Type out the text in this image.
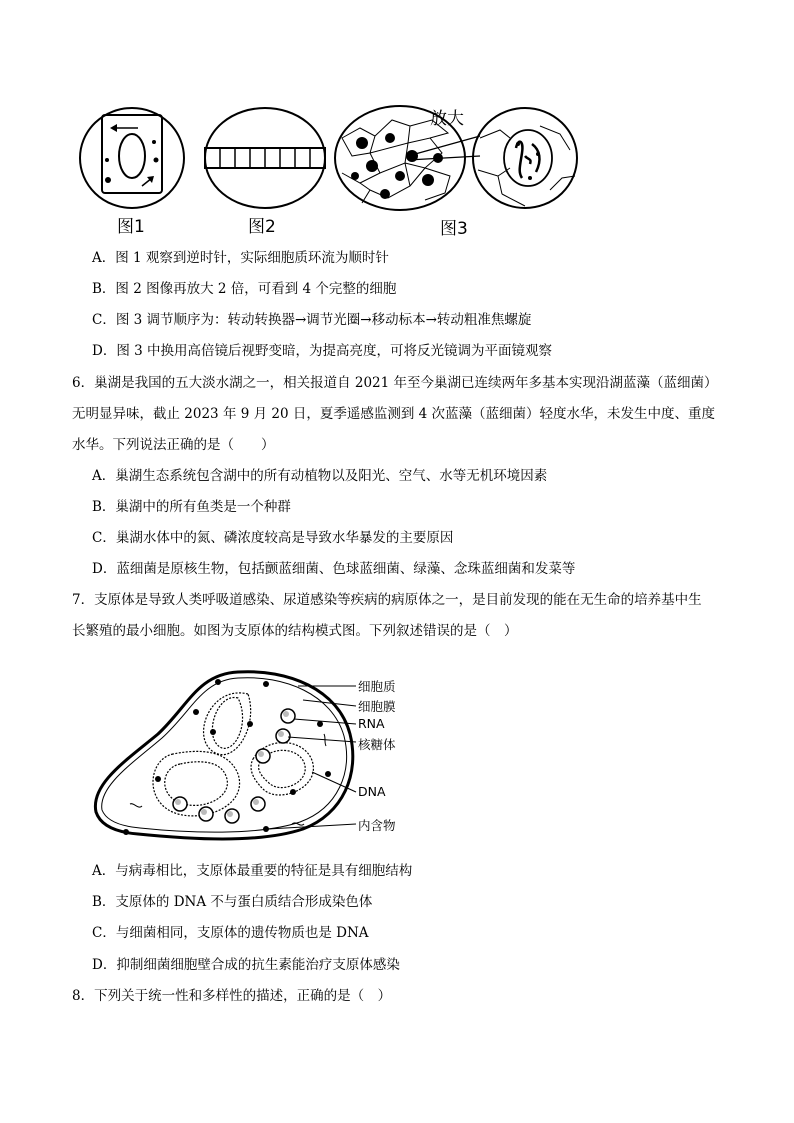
放大
图1	图2	图3
A．图 1 观察到逆时针，实际细胞质环流为顺时针
B．图 2 图像再放大 2 倍，可看到 4 个完整的细胞
C．图 3 调节顺序为：转动转换器→调节光圈→移动标本→转动粗准焦螺旋
D．图 3 中换用高倍镜后视野变暗，为提高亮度，可将反光镜调为平面镜观察
6．巢湖是我国的五大淡水湖之一，相关报道自 2021 年至今巢湖已连续两年多基本实现沿湖蓝藻（蓝细菌）
无明显异味，截止 2023 年 9 月 20 日，夏季遥感监测到 4 次蓝藻（蓝细菌）轻度水华，未发生中度、重度
水华。下列说法正确的是（　　）
A．巢湖生态系统包含湖中的所有动植物以及阳光、空气、水等无机环境因素
B．巢湖中的所有鱼类是一个种群
C．巢湖水体中的氮、磷浓度较高是导致水华暴发的主要原因
D．蓝细菌是原核生物，包括颤蓝细菌、色球蓝细菌、绿藻、念珠蓝细菌和发菜等
7．支原体是导致人类呼吸道感染、尿道感染等疾病的病原体之一，是目前发现的能在无生命的培养基中生
长繁殖的最小细胞。如图为支原体的结构模式图。下列叙述错误的是（　）
细胞质
细胞膜
RNA
核糖体
DNA
内含物
A．与病毒相比，支原体最重要的特征是具有细胞结构
B．支原体的 DNA 不与蛋白质结合形成染色体
C．与细菌相同，支原体的遗传物质也是 DNA
D．抑制细菌细胞壁合成的抗生素能治疗支原体感染
8．下列关于统一性和多样性的描述，正确的是（　）
